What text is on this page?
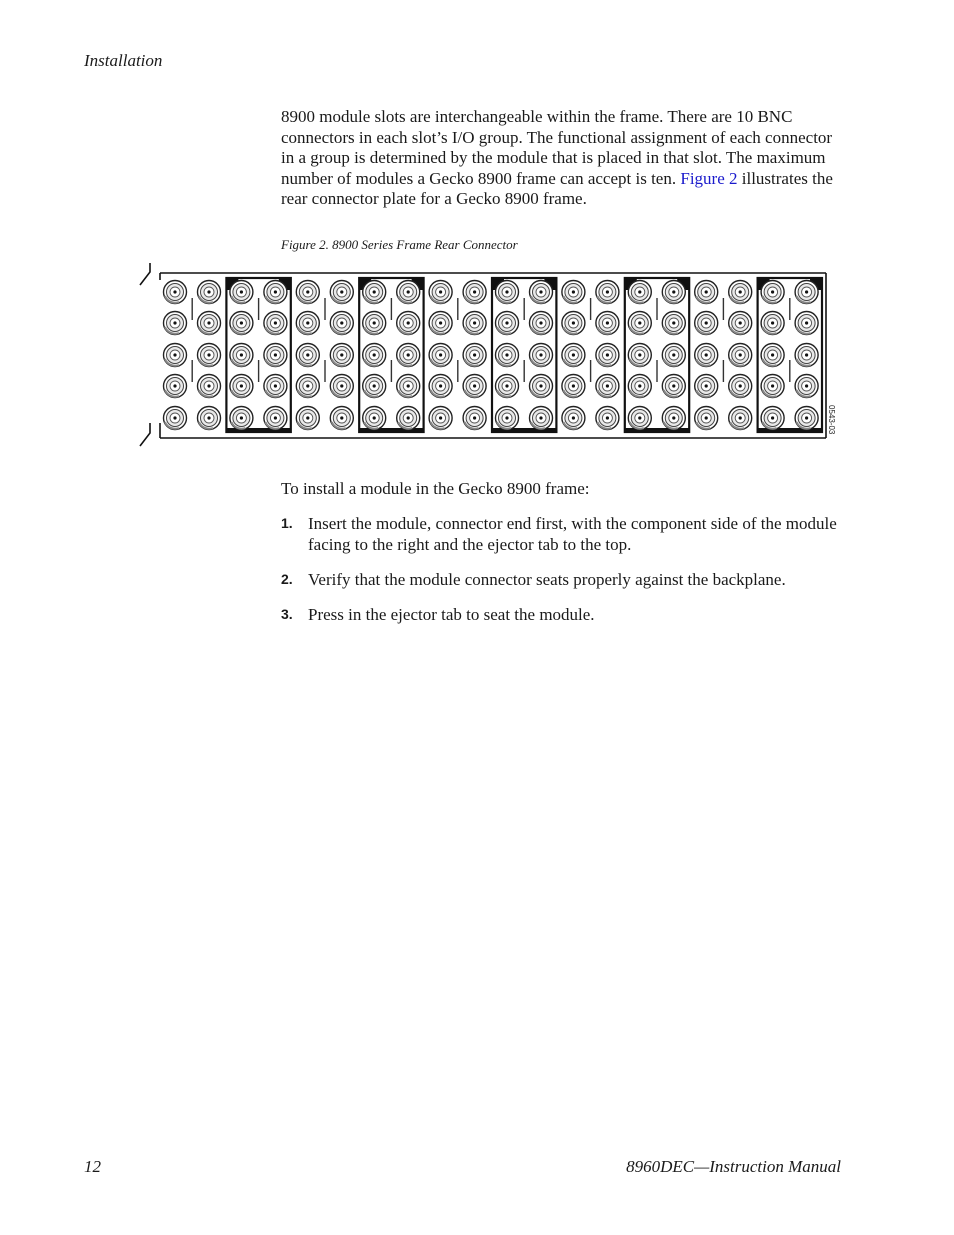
Installation

8900 module slots are interchangeable within the frame. There are 10 BNC connectors in each slot’s I/O group. The functional assignment of each connector in a group is determined by the module that is placed in that slot. The maximum number of modules a Gecko 8900 frame can accept is ten. Figure 2 illustrates the rear connector plate for a Gecko 8900 frame.

Figure 2. 8900 Series Frame Rear Connector
0543-03

To install a module in the Gecko 8900 frame:

1. Insert the module, connector end first, with the component side of the module facing to the right and the ejector tab to the top.
2. Verify that the module connector seats properly against the backplane.
3. Press in the ejector tab to seat the module.
12	8960DEC—Instruction Manual
